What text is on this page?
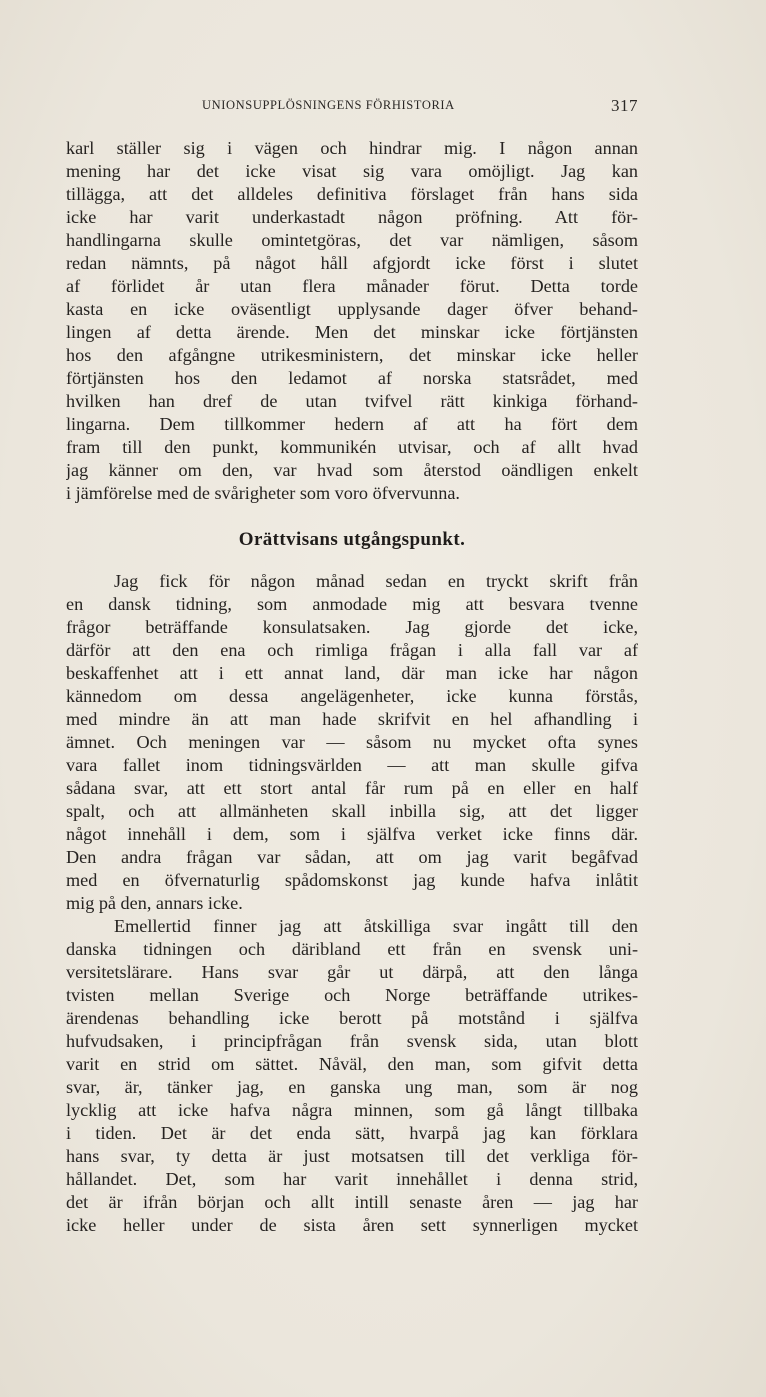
UNIONSUPPLÖSNINGENS FÖRHISTORIA	317
karl ställer sig i vägen och hindrar mig. I någon annan
mening har det icke visat sig vara omöjligt. Jag kan
tillägga, att det alldeles definitiva förslaget från hans sida
icke har varit underkastadt någon pröfning. Att för-
handlingarna skulle omintetgöras, det var nämligen, såsom
redan nämnts, på något håll afgjordt icke först i slutet
af förlidet år utan flera månader förut. Detta torde
kasta en icke oväsentligt upplysande dager öfver behand-
lingen af detta ärende. Men det minskar icke förtjänsten
hos den afgångne utrikesministern, det minskar icke heller
förtjänsten hos den ledamot af norska statsrådet, med
hvilken han dref de utan tvifvel rätt kinkiga förhand-
lingarna. Dem tillkommer hedern af att ha fört dem
fram till den punkt, kommunikén utvisar, och af allt hvad
jag känner om den, var hvad som återstod oändligen enkelt
i jämförelse med de svårigheter som voro öfvervunna.
Orättvisans utgångspunkt.
Jag fick för någon månad sedan en tryckt skrift från
en dansk tidning, som anmodade mig att besvara tvenne
frågor beträffande konsulatsaken. Jag gjorde det icke,
därför att den ena och rimliga frågan i alla fall var af
beskaffenhet att i ett annat land, där man icke har någon
kännedom om dessa angelägenheter, icke kunna förstås,
med mindre än att man hade skrifvit en hel afhandling i
ämnet. Och meningen var — såsom nu mycket ofta synes
vara fallet inom tidningsvärlden — att man skulle gifva
sådana svar, att ett stort antal får rum på en eller en half
spalt, och att allmänheten skall inbilla sig, att det ligger
något innehåll i dem, som i själfva verket icke finns där.
Den andra frågan var sådan, att om jag varit begåfvad
med en öfvernaturlig spådomskonst jag kunde hafva inlåtit
mig på den, annars icke.
Emellertid finner jag att åtskilliga svar ingått till den
danska tidningen och däribland ett från en svensk uni-
versitetslärare. Hans svar går ut därpå, att den långa
tvisten mellan Sverige och Norge beträffande utrikes-
ärendenas behandling icke berott på motstånd i själfva
hufvudsaken, i principfrågan från svensk sida, utan blott
varit en strid om sättet. Nåväl, den man, som gifvit detta
svar, är, tänker jag, en ganska ung man, som är nog
lycklig att icke hafva några minnen, som gå långt tillbaka
i tiden. Det är det enda sätt, hvarpå jag kan förklara
hans svar, ty detta är just motsatsen till det verkliga för-
hållandet. Det, som har varit innehållet i denna strid,
det är ifrån början och allt intill senaste åren — jag har
icke heller under de sista åren sett synnerligen mycket
